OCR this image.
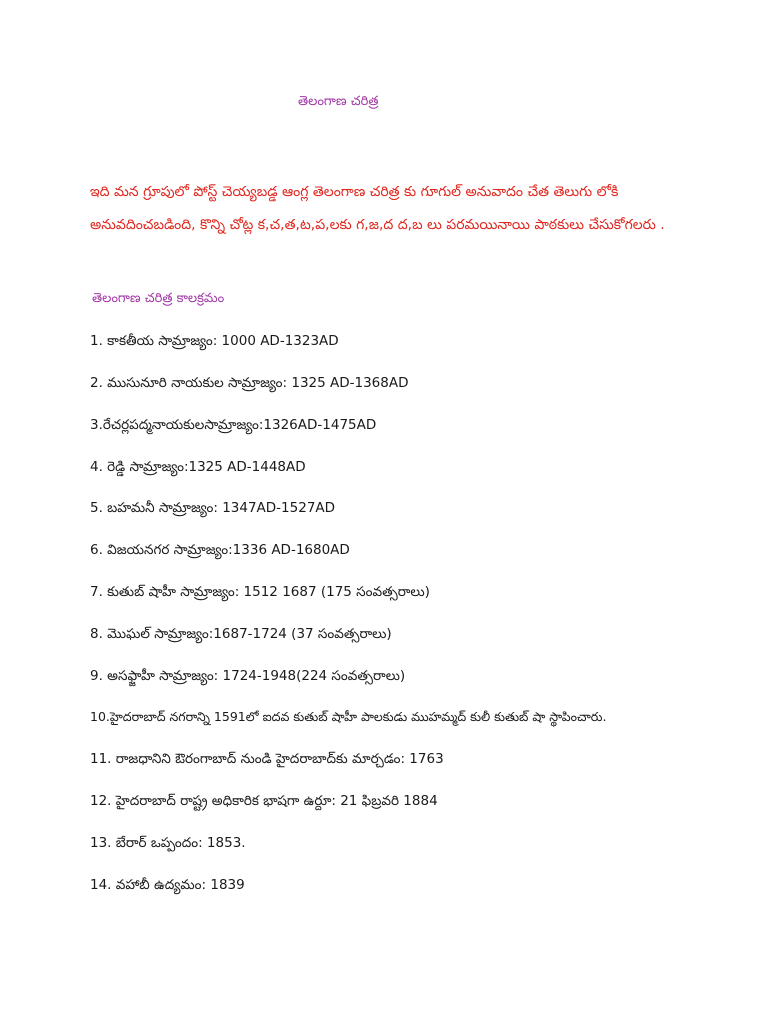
తెలంగాణ చరిత్ర

ఇది మన గ్రూపులో పోస్ట్ చెయ్యబడ్డ ఆంగ్ల తెలంగాణ చరిత్ర కు గూగుల్ అనువాదం చేత తెలుగు లోకి

అనువదించబడింది, కొన్ని చోట్ల క,చ,త,ట,ప,లకు గ,జ,ద ద,బ లు పరమయినాయి పాఠకులు చేసుకోగలరు .

తెలంగాణ చరిత్ర కాలక్రమం
1. కాకతీయ సామ్రాజ్యం: 1000 AD-1323AD
2. ముసునూరి నాయకుల సామ్రాజ్యం: 1325 AD-1368AD
3.రేచర్లపద్మనాయకులసామ్రాజ్యం:1326AD-1475AD
4. రెడ్డి సామ్రాజ్యం:1325 AD-1448AD
5. బహమనీ సామ్రాజ్యం: 1347AD-1527AD
6. విజయనగర సామ్రాజ్యం:1336 AD-1680AD
7. కుతుబ్ షాహీ సామ్రాజ్యం: 1512 1687 (175 సంవత్సరాలు)
8. మొఘల్ సామ్రాజ్యం:1687-1724 (37 సంవత్సరాలు)
9. అసఫ్జాహీ సామ్రాజ్యం: 1724-1948(224 సంవత్సరాలు)
10.హైదరాబాద్ నగరాన్ని 1591లో ఐదవ కుతుబ్ షాహీ పాలకుడు ముహమ్మద్ కులీ కుతుబ్ షా స్థాపించారు.
11. రాజధానిని ఔరంగాబాద్ నుండి హైదరాబాద్‌కు మార్చడం: 1763
12. హైదరాబాద్ రాష్ట్ర అధికారిక భాషగా ఉర్దూ: 21 ఫిబ్రవరి 1884
13. బేరార్ ఒప్పందం: 1853.
14. వహాబీ ఉద్యమం: 1839
